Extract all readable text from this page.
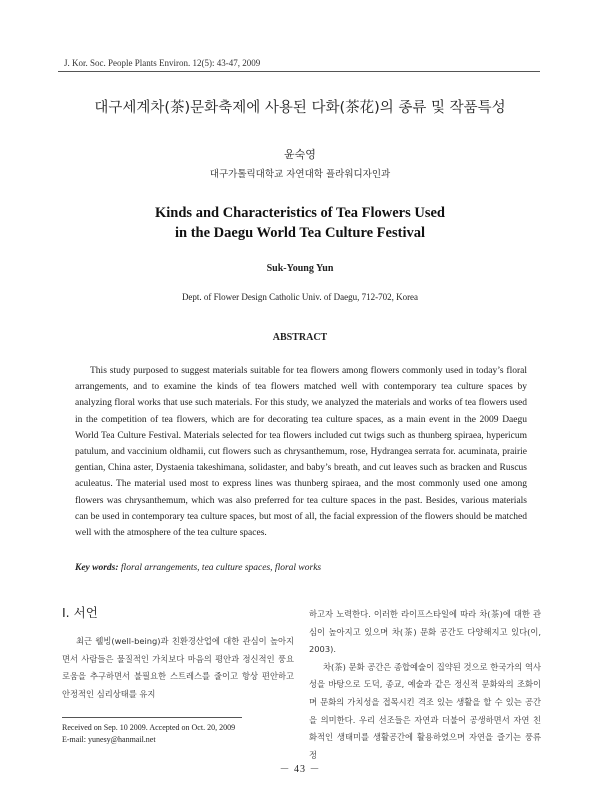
J. Kor. Soc. People Plants Environ. 12(5): 43-47, 2009
대구세계차(茶)문화축제에 사용된 다화(茶花)의 종류 및 작품특성
윤숙영
대구가톨릭대학교 자연대학 플라워디자인과
Kinds and Characteristics of Tea Flowers Used
in the Daegu World Tea Culture Festival
Suk-Young Yun
Dept. of Flower Design Catholic Univ. of Daegu, 712-702, Korea
ABSTRACT
This study purposed to suggest materials suitable for tea flowers among flowers commonly used in today’s floral arrangements, and to examine the kinds of tea flowers matched well with contemporary tea culture spaces by analyzing floral works that use such materials. For this study, we analyzed the materials and works of tea flowers used in the competition of tea flowers, which are for decorating tea culture spaces, as a main event in the 2009 Daegu World Tea Culture Festival. Materials selected for tea flowers included cut twigs such as thunberg spiraea, hypericum patulum, and vaccinium oldhamii, cut flowers such as chrysanthemum, rose, Hydrangea serrata for. acuminata, prairie gentian, China aster, Dystaenia takeshimana, solidaster, and baby’s breath, and cut leaves such as bracken and Ruscus aculeatus. The material used most to express lines was thunberg spiraea, and the most commonly used one among flowers was chrysanthemum, which was also preferred for tea culture spaces in the past. Besides, various materials can be used in contemporary tea culture spaces, but most of all, the facial expression of the flowers should be matched well with the atmosphere of the tea culture spaces.
Key words: floral arrangements, tea culture spaces, floral works
Ⅰ. 서언
최근 웰빙(well-being)과 친환경산업에 대한 관심이 높아지면서 사람들은 물질적인 가치보다 마음의 평안과 정신적인 풍요로움을 추구하면서 불필요한 스트레스를 줄이고 항상 편안하고 안정적인 심리상태를 유지
하고자 노력한다. 이러한 라이프스타일에 따라 차(茶)에 대한 관심이 높아지고 있으며 차(茶) 문화 공간도 다양해지고 있다(이, 2003).
차(茶) 문화 공간은 종합예술이 집약된 것으로 한국가의 역사성을 바탕으로 도덕, 종교, 예술과 같은 정신적 문화와의 조화이며 문화의 가치성을 접목시킨 격조 있는 생활을 할 수 있는 공간을 의미한다. 우리 선조들은 자연과 더불어 공생하면서 자연 친화적인 생태미를 생활공간에 활용하였으며 자연을 즐기는 풍류 정
Received on Sep. 10 2009. Accepted on Oct. 20, 2009
E-mail: yunesy@hanmail.net
－ 43 －
